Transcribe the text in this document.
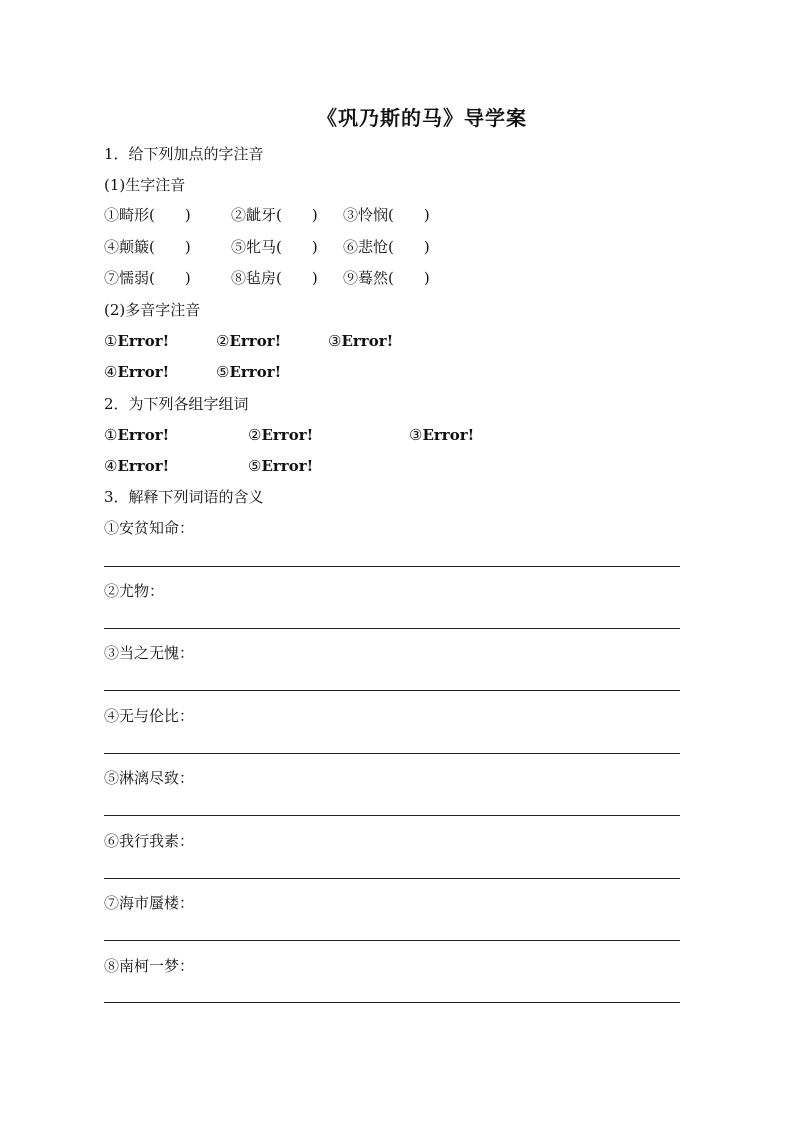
《巩乃斯的马》导学案
1．给下列加点的字注音
(1)生字注音
①畸形(　　)	②龇牙(　　) ③怜悯(　　)
④颠簸(　　)	⑤牝马(　　) ⑥悲怆(　　)
⑦懦弱(　　)	⑧毡房(　　) ⑨蓦然(　　)
(2)多音字注音
①Error!	②Error!	③Error!
④Error!	⑤Error!
2．为下列各组字组词
①Error!	②Error!	③Error!
④Error!	⑤Error!
3．解释下列词语的含义
①安贫知命：
②尤物：
③当之无愧：
④无与伦比：
⑤淋漓尽致：
⑥我行我素：
⑦海市蜃楼：
⑧南柯一梦：
